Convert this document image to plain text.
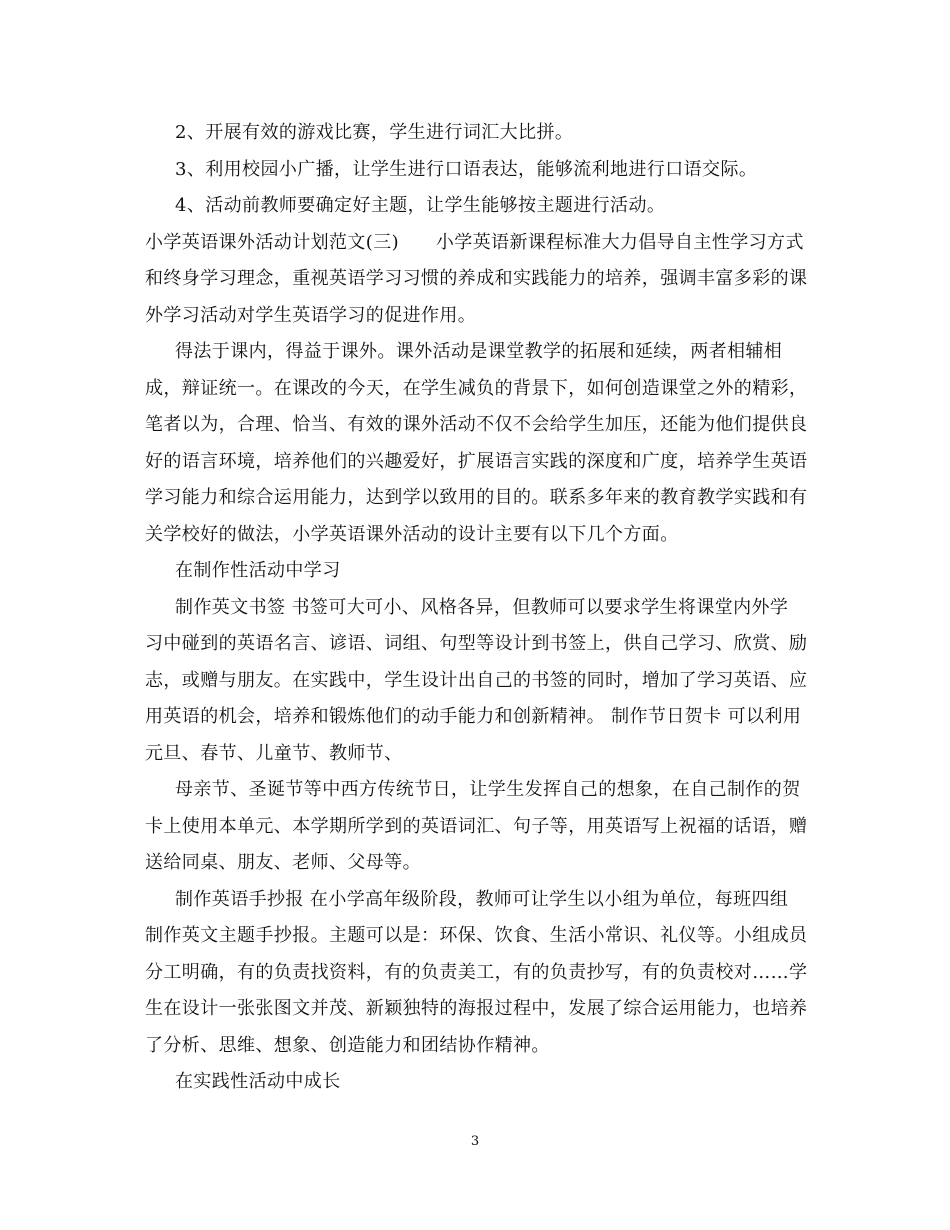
2、开展有效的游戏比赛，学生进行词汇大比拼。
3、利用校园小广播，让学生进行口语表达，能够流利地进行口语交际。
4、活动前教师要确定好主题，让学生能够按主题进行活动。
小学英语课外活动计划范文(三)　　小学英语新课程标准大力倡导自主性学习方式
和终身学习理念，重视英语学习习惯的养成和实践能力的培养，强调丰富多彩的课
外学习活动对学生英语学习的促进作用。
得法于课内，得益于课外。课外活动是课堂教学的拓展和延续，两者相辅相
成，辩证统一。在课改的今天，在学生减负的背景下，如何创造课堂之外的精彩，
笔者以为，合理、恰当、有效的课外活动不仅不会给学生加压，还能为他们提供良
好的语言环境，培养他们的兴趣爱好，扩展语言实践的深度和广度，培养学生英语
学习能力和综合运用能力，达到学以致用的目的。联系多年来的教育教学实践和有
关学校好的做法，小学英语课外活动的设计主要有以下几个方面。
在制作性活动中学习
制作英文书签 书签可大可小、风格各异，但教师可以要求学生将课堂内外学
习中碰到的英语名言、谚语、词组、句型等设计到书签上，供自己学习、欣赏、励
志，或赠与朋友。在实践中，学生设计出自己的书签的同时，增加了学习英语、应
用英语的机会，培养和锻炼他们的动手能力和创新精神。 制作节日贺卡 可以利用
元旦、春节、儿童节、教师节、
母亲节、圣诞节等中西方传统节日，让学生发挥自己的想象，在自己制作的贺
卡上使用本单元、本学期所学到的英语词汇、句子等，用英语写上祝福的话语，赠
送给同桌、朋友、老师、父母等。
制作英语手抄报 在小学高年级阶段，教师可让学生以小组为单位，每班四组
制作英文主题手抄报。主题可以是：环保、饮食、生活小常识、礼仪等。小组成员
分工明确，有的负责找资料，有的负责美工，有的负责抄写，有的负责校对……学
生在设计一张张图文并茂、新颖独特的海报过程中，发展了综合运用能力，也培养
了分析、思维、想象、创造能力和团结协作精神。
在实践性活动中成长
3
